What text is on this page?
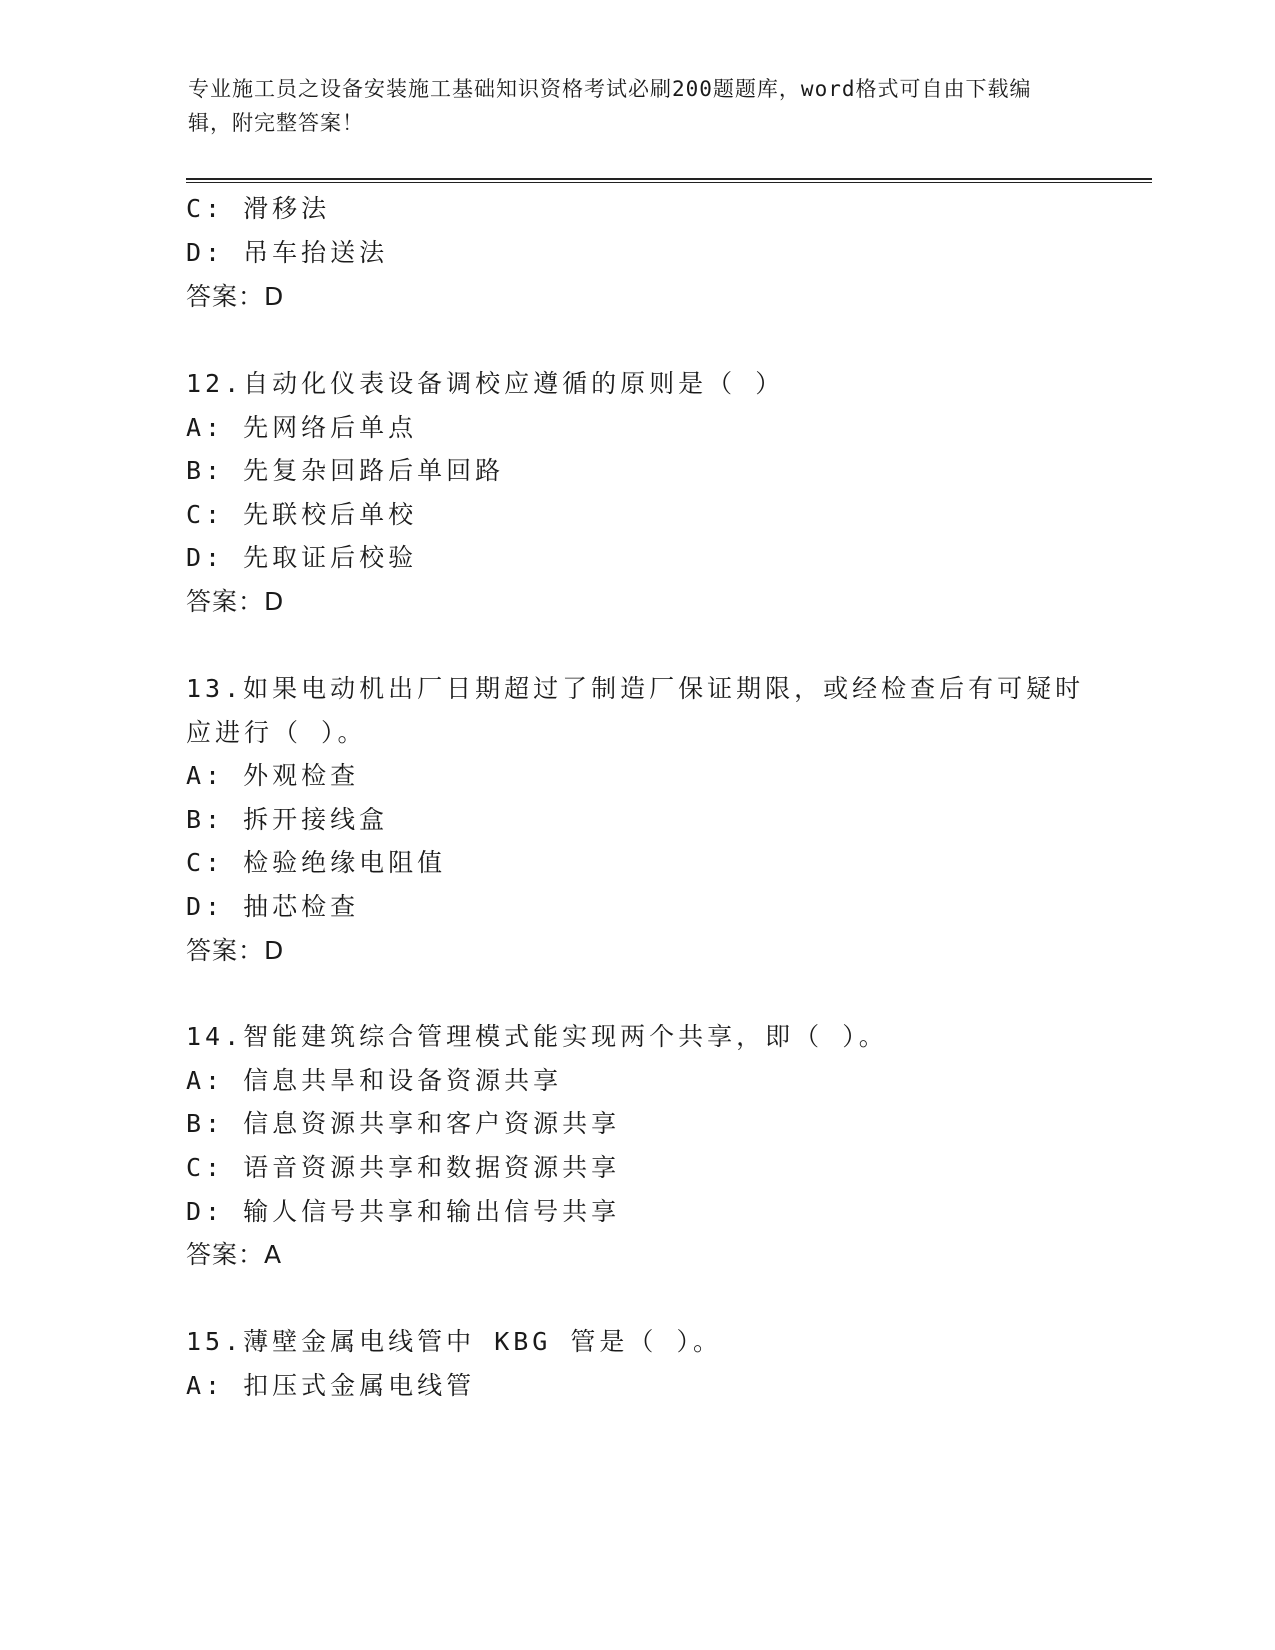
专业施工员之设备安装施工基础知识资格考试必刷200题题库，word格式可自由下载编辑，附完整答案！
C: 滑移法
D: 吊车抬送法
答案：D
12.自动化仪表设备调校应遵循的原则是（ ）
A: 先网络后单点
B: 先复杂回路后单回路
C: 先联校后单校
D: 先取证后校验
答案：D
13.如果电动机出厂日期超过了制造厂保证期限，或经检查后有可疑时
应进行（ ）。
A: 外观检查
B: 拆开接线盒
C: 检验绝缘电阻值
D: 抽芯检查
答案：D
14.智能建筑综合管理模式能实现两个共享，即（ ）。
A: 信息共旱和设备资源共享
B: 信息资源共享和客户资源共享
C: 语音资源共享和数据资源共享
D: 输人信号共享和输出信号共享
答案：A
15.薄壁金属电线管中 KBG 管是（ ）。
A: 扣压式金属电线管
